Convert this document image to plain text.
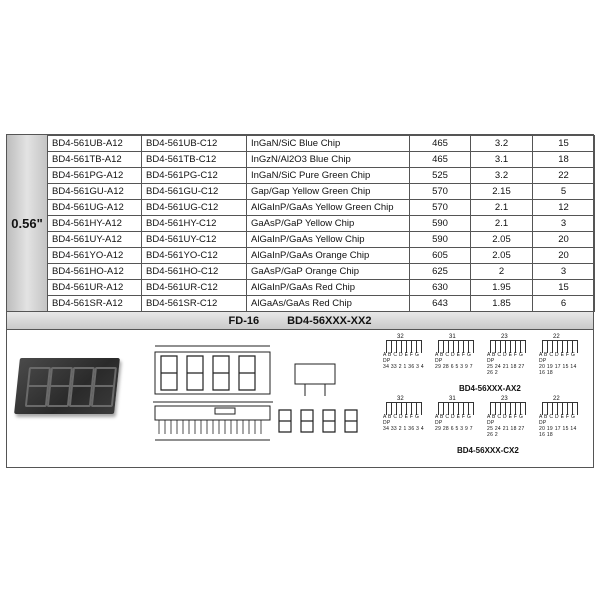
0.56"
BD4-561UB-A12	BD4-561UB-C12	InGaN/SiC Blue Chip	465	3.2	15
BD4-561TB-A12	BD4-561TB-C12	InGzN/Al2O3 Blue Chip	465	3.1	18
BD4-561PG-A12	BD4-561PG-C12	InGaN/SiC Pure Green Chip	525	3.2	22
BD4-561GU-A12	BD4-561GU-C12	Gap/Gap Yellow Green Chip	570	2.15	5
BD4-561UG-A12	BD4-561UG-C12	AlGaInP/GaAs Yellow Green Chip	570	2.1	12
BD4-561HY-A12	BD4-561HY-C12	GaAsP/GaP Yellow Chip	590	2.1	3
BD4-561UY-A12	BD4-561UY-C12	AlGaInP/GaAs Yellow Chip	590	2.05	20
BD4-561YO-A12	BD4-561YO-C12	AlGaInP/GaAs Orange Chip	605	2.05	20
BD4-561HO-A12	BD4-561HO-C12	GaAsP/GaP Orange Chip	625	2	3
BD4-561UR-A12	BD4-561UR-C12	AlGaInP/GaAs Red Chip	630	1.95	15
BD4-561SR-A12	BD4-561SR-C12	AlGaAs/GaAs Red Chip	643	1.85	6
FD-16	BD4-56XXX-XX2
32
A B C D E F G DP
34 33 2 1 36 3 4
31
A B C D E F G DP
29 28 6 5 3 9 7
23
A B C D E F G DP
25 24 21 18 27 26 2
22
A B C D E F G DP
20 19 17 15 14 16 18
BD4-56XXX-AX2
32
A B C D E F G DP
34 33 2 1 36 3 4
31
A B C D E F G DP
29 28 6 5 3 9 7
23
A B C D E F G DP
25 24 21 18 27 26 2
22
A B C D E F G DP
20 19 17 15 14 16 18
BD4-56XXX-CX2
